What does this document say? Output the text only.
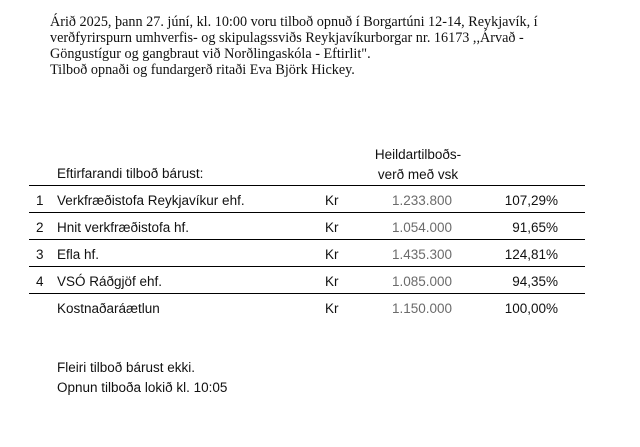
Árið 2025, þann 27. júní, kl. 10:00 voru tilboð opnuð í Borgartúni 12-14, Reykjavík, í

verðfyrirspurn umhverfis- og skipulagssviðs Reykjavíkurborgar nr. 16173 ,,Árvað -

Göngustígur og gangbraut við Norðlingaskóla - Eftirlit".

Tilboð opnaði og fundargerð ritaði Eva Björk Hickey.

Eftirfarandi tilboð bárust:
Heildartilboðs-
verð með vsk
1 Verkfræðistofa Reykjavíkur ehf.	Kr	1.233.800	107,29%
2 Hnit verkfræðistofa hf.	Kr	1.054.000	91,65%
3 Efla hf.	Kr	1.435.300	124,81%
4 VSÓ Ráðgjöf ehf.	Kr	1.085.000	94,35%
Kostnaðaráætlun	Kr	1.150.000	100,00%

Fleiri tilboð bárust ekki.

Opnun tilboða lokið kl. 10:05
